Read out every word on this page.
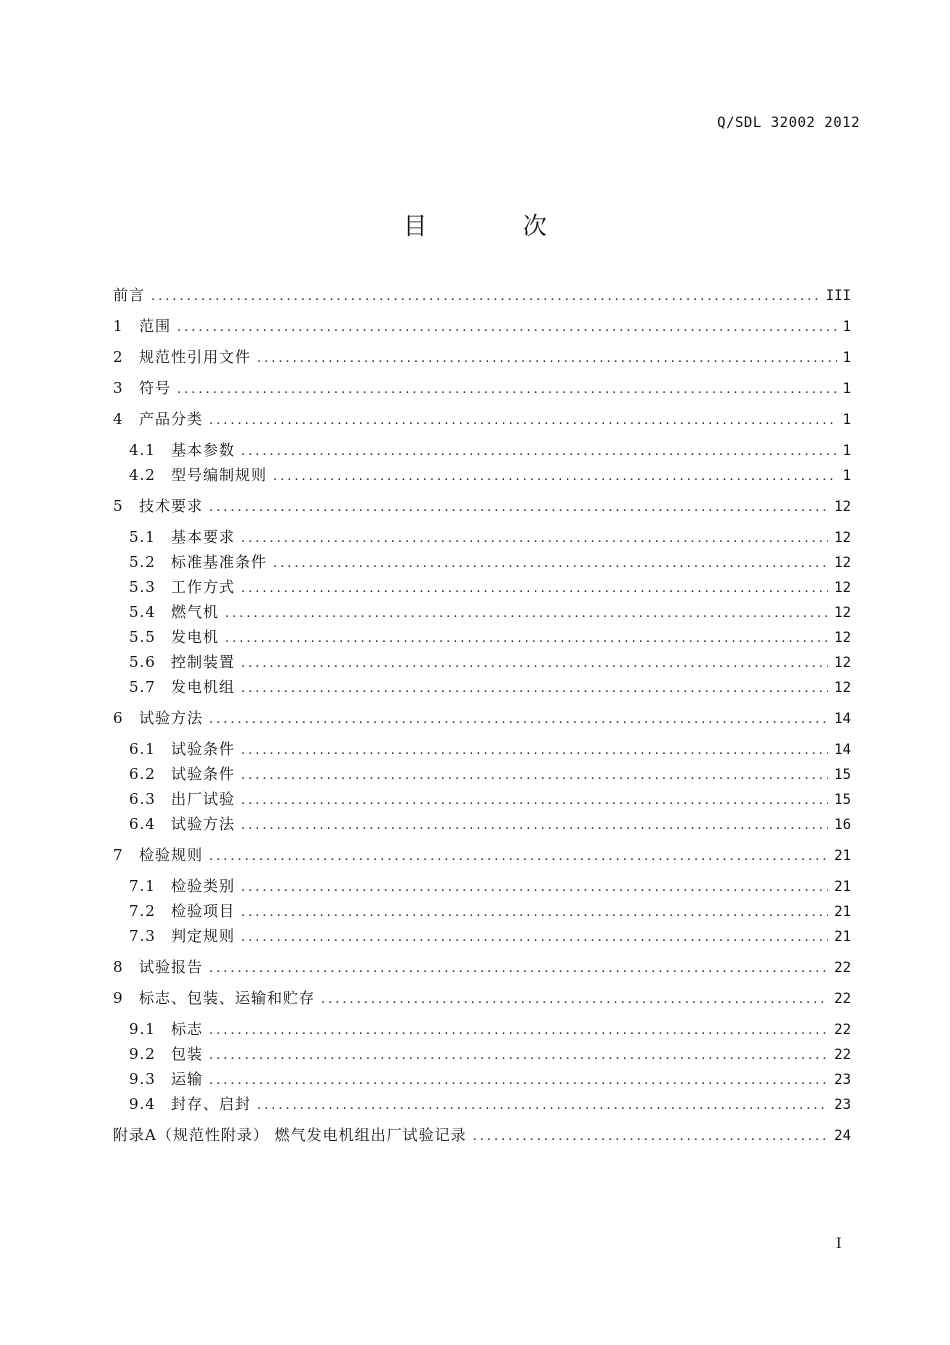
Q/SDL 32002 2012
目 次
前言 .....	III
1	范围 .....	1
2	规范性引用文件 .....	1
3	符号 .....	1
4	产品分类 .....	1
4.1	基本参数 .....	1
4.2	型号编制规则 .....	1
5	技术要求 .....	12
5.1	基本要求 .....	12
5.2	标准基准条件 .....	12
5.3	工作方式 .....	12
5.4	燃气机 .....	12
5.5	发电机 .....	12
5.6	控制装置 .....	12
5.7	发电机组 .....	12
6	试验方法 .....	14
6.1	试验条件 .....	14
6.2	试验条件 .....	15
6.3	出厂试验 .....	15
6.4	试验方法 .....	16
7	检验规则 .....	21
7.1	检验类别 .....	21
7.2	检验项目 .....	21
7.3	判定规则 .....	21
8	试验报告 .....	22
9	标志、包装、运输和贮存 .....	22
9.1	标志 .....	22
9.2	包装 .....	22
9.3	运输 .....	23
9.4	封存、启封 .....	23
附录A（规范性附录） 燃气发电机组出厂试验记录 .....	24
I
